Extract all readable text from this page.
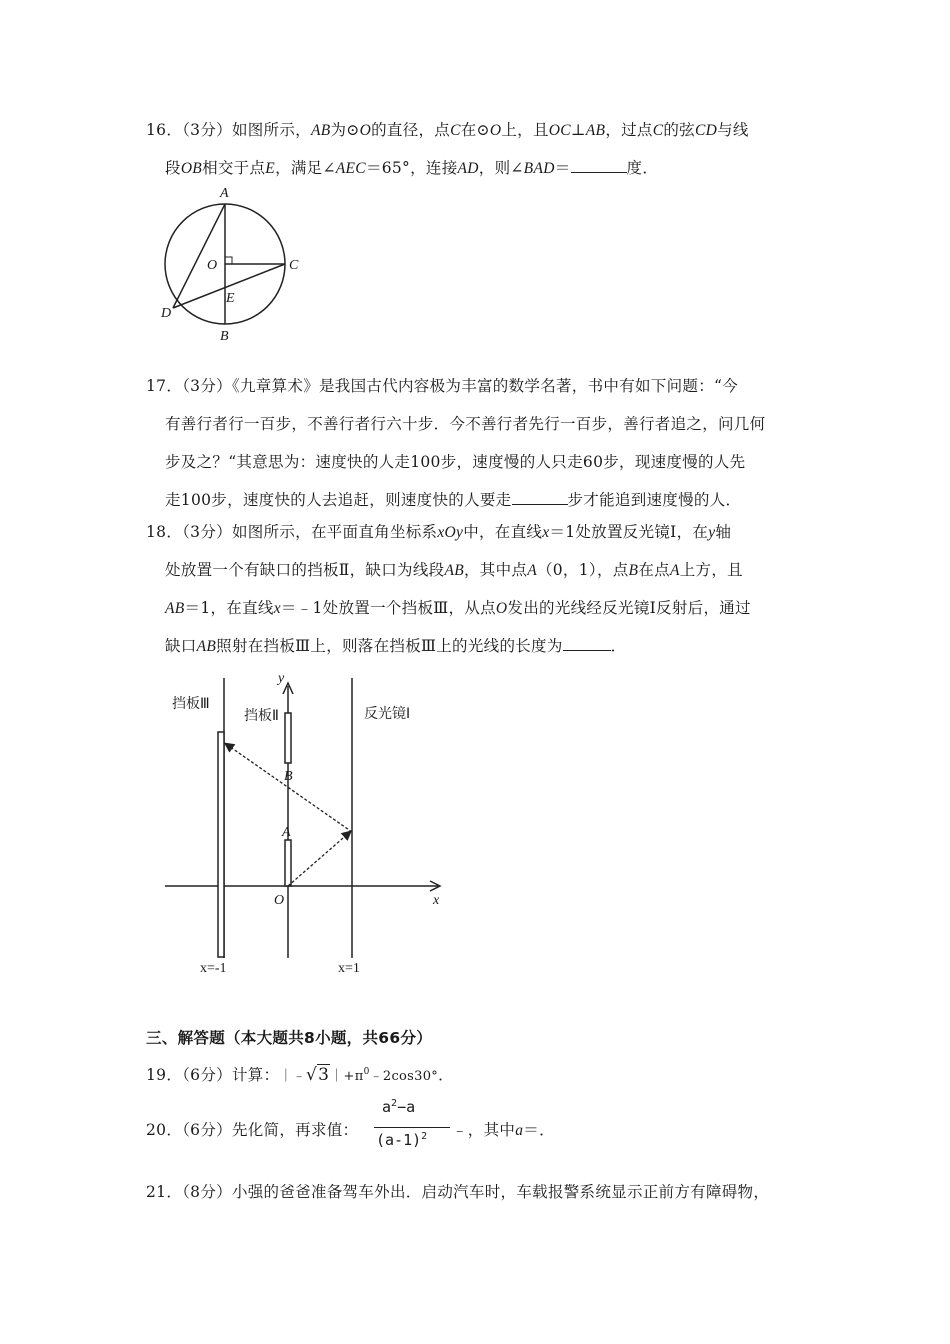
16．（3分）如图所示，AB为⊙O的直径，点C在⊙O上，且OC⊥AB，过点C的弦CD与线
段OB相交于点E，满足∠AEC＝65°，连接AD，则∠BAD＝	度．
A
B
C
D
E
O
17．（3分）《九章算术》是我国古代内容极为丰富的数学名著，书中有如下问题：“今
有善行者行一百步，不善行者行六十步．今不善行者先行一百步，善行者追之，问几何
步及之？“其意思为：速度快的人走100步，速度慢的人只走60步，现速度慢的人先
走100步，速度快的人去追赶，则速度快的人要走	步才能追到速度慢的人．
18．（3分）如图所示，在平面直角坐标系xOy中，在直线x＝1处放置反光镜Ⅰ，在y轴
处放置一个有缺口的挡板Ⅱ，缺口为线段AB，其中点A（0，1），点B在点A上方，且
AB＝1，在直线x＝﹣1处放置一个挡板Ⅲ，从点O发出的光线经反光镜Ⅰ反射后，通过
缺口AB照射在挡板Ⅲ上，则落在挡板Ⅲ上的光线的长度为	．
挡板Ⅲ
挡板Ⅱ	反光镜I
y
x
O
A
B
x=-1	x=1
三、解答题（本大题共8小题，共66分）
19．（6分）计算：$|﹣√3|+\pi^0﹣2\cos 30^\circ$．
20．（6分）先化简，再求值：
$a^2-a$
$(a-1)^2$ ﹣，其中a＝．
21．（8分）小强的爸爸准备驾车外出．启动汽车时，车载报警系统显示正前方有障碍物，
